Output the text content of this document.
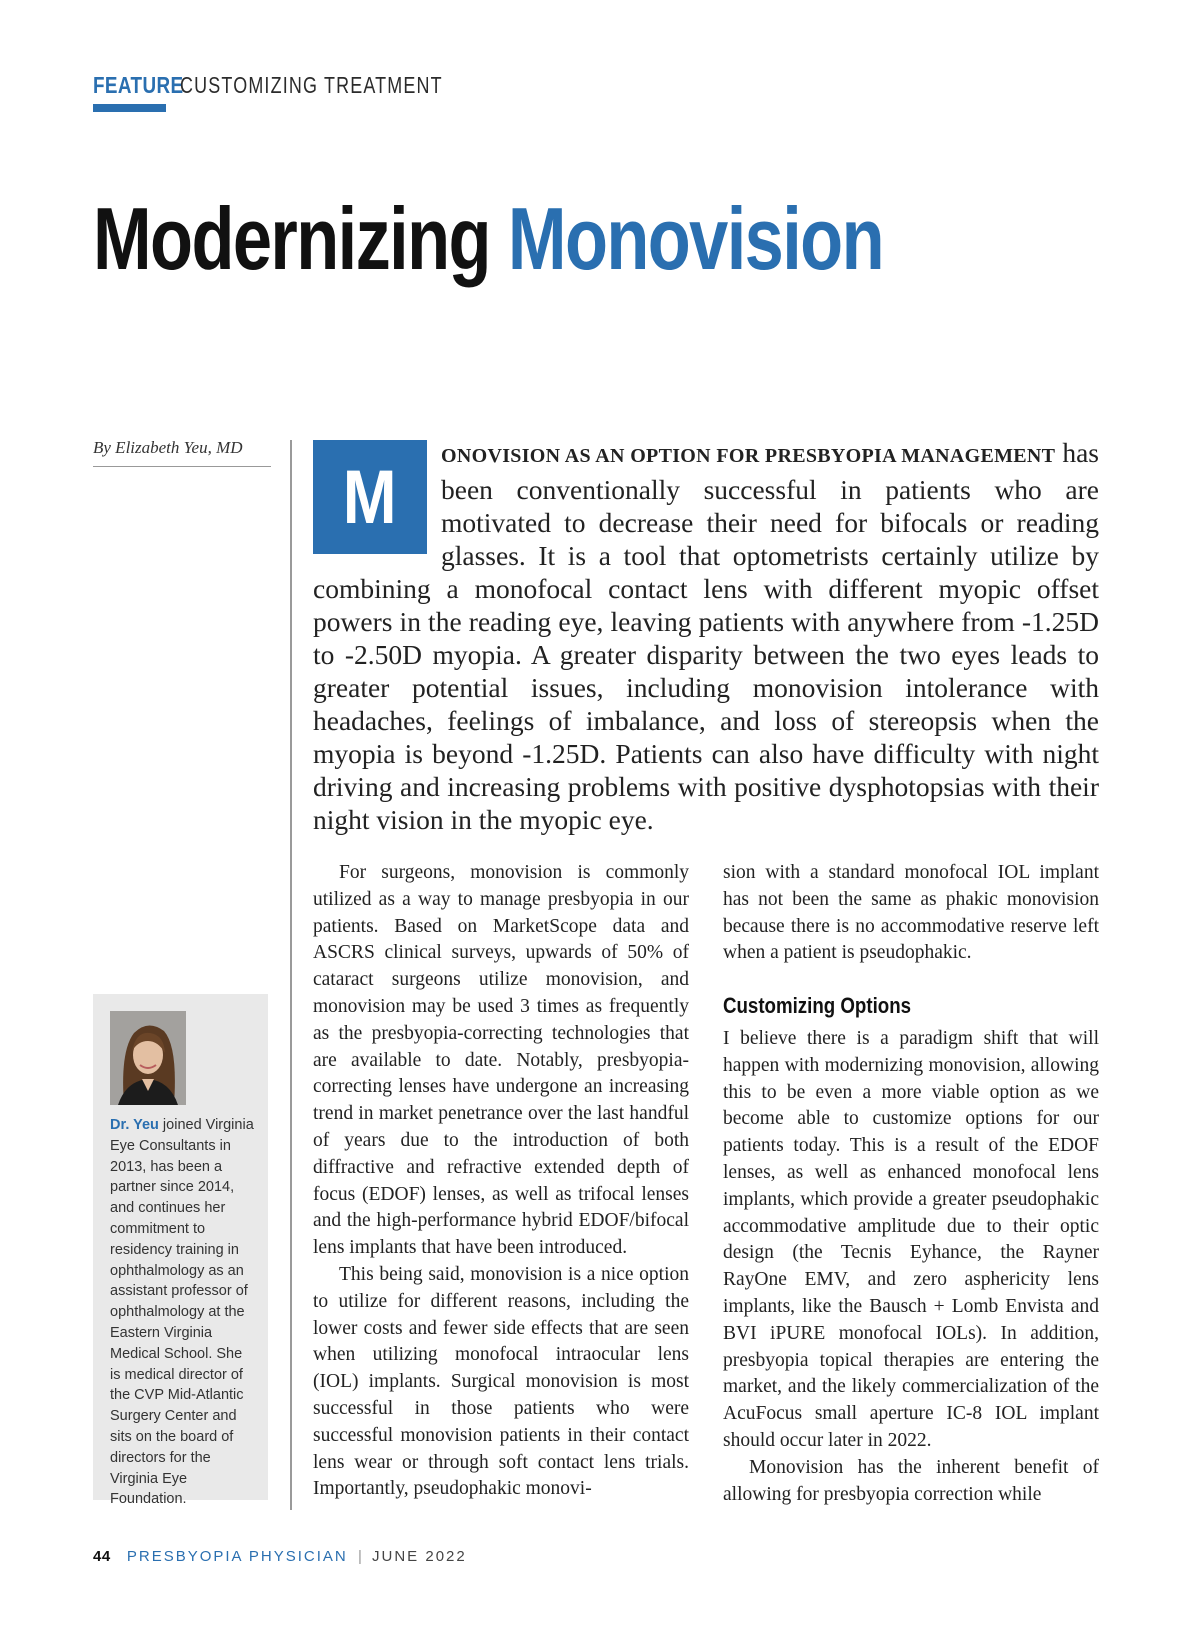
FEATURE
CUSTOMIZING TREATMENT
Modernizing Monovision
By Elizabeth Yeu, MD
M ONOVISION AS AN OPTION FOR PRESBYOPIA MANAGEMENT has been conventionally successful in patients who are motivated to decrease their need for bifocals or reading glasses. It is a tool that optometrists certainly utilize by combining a monofocal contact lens with different myopic offset powers in the reading eye, leaving patients with anywhere from -1.25D to -2.50D myopia. A greater disparity between the two eyes leads to greater potential issues, including monovision intolerance with headaches, feelings of imbalance, and loss of stereopsis when the myopia is beyond -1.25D. Patients can also have difficulty with night driving and increasing problems with positive dysphotopsias with their night vision in the myopic eye.

For surgeons, monovision is commonly utilized as a way to manage presbyopia in our patients. Based on MarketScope data and ASCRS clinical surveys, upwards of 50% of cataract surgeons utilize monovision, and monovision may be used 3 times as frequently as the presbyopia-correcting technologies that are available to date. Notably, presbyopia-correcting lenses have undergone an increasing trend in market penetrance over the last handful of years due to the introduction of both diffractive and refractive extended depth of focus (EDOF) lenses, as well as trifocal lenses and the high-performance hybrid EDOF/bifocal lens implants that have been introduced.

This being said, monovision is a nice option to utilize for different reasons, including the lower costs and fewer side effects that are seen when utilizing monofocal intraocular lens (IOL) implants. Surgical monovision is most successful in those patients who were successful monovision patients in their contact lens wear or through soft contact lens trials. Importantly, pseudophakic monovi-

sion with a standard monofocal IOL implant has not been the same as phakic monovision because there is no accommodative reserve left when a patient is pseudophakic.

Customizing Options

I believe there is a paradigm shift that will happen with modernizing monovision, allowing this to be even a more viable option as we become able to customize options for our patients today. This is a result of the EDOF lenses, as well as enhanced monofocal lens implants, which provide a greater pseudophakic accommodative amplitude due to their optic design (the Tecnis Eyhance, the Rayner RayOne EMV, and zero asphericity lens implants, like the Bausch + Lomb Envista and BVI iPURE monofocal IOLs). In addition, presbyopia topical therapies are entering the market, and the likely commercialization of the AcuFocus small aperture IC-8 IOL implant should occur later in 2022.

Monovision has the inherent benefit of allowing for presbyopia correction while

Dr. Yeu joined Virginia Eye Consultants in 2013, has been a partner since 2014, and continues her commitment to residency training in ophthalmology as an assistant professor of ophthalmology at the Eastern Virginia Medical School. She is medical director of the CVP Mid-Atlantic Surgery Center and sits on the board of directors for the Virginia Eye Foundation.
44 PRESBYOPIA PHYSICIAN | JUNE 2022
